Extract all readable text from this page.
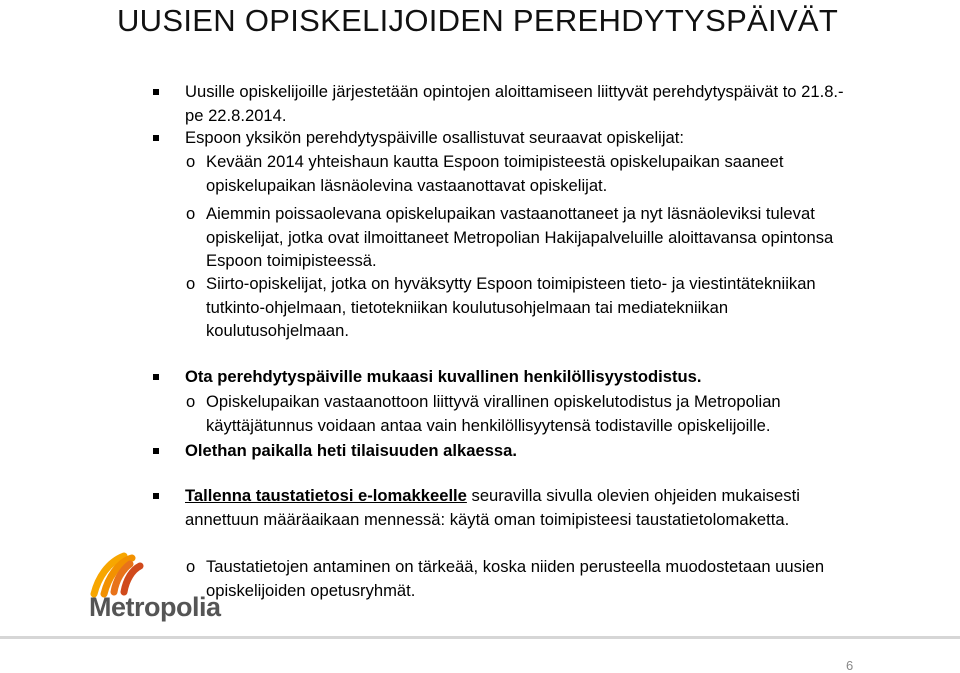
UUSIEN OPISKELIJOIDEN PEREHDYTYSPÄIVÄT
Uusille opiskelijoille järjestetään opintojen aloittamiseen liittyvät perehdytyspäivät to 21.8.- pe 22.8.2014.
Espoon yksikön perehdytyspäiville osallistuvat seuraavat opiskelijat:
o Kevään 2014 yhteishaun kautta Espoon toimipisteestä opiskelupaikan saaneet opiskelupaikan läsnäolevina vastaanottavat opiskelijat.
o Aiemmin poissaolevana opiskelupaikan vastaanottaneet ja nyt läsnäoleviksi tulevat opiskelijat, jotka ovat ilmoittaneet Metropolian Hakijapalveluille aloittavansa opintonsa Espoon toimipisteessä.
o Siirto-opiskelijat, jotka on hyväksytty Espoon toimipisteen tieto- ja viestintätekniikan tutkinto-ohjelmaan, tietotekniikan koulutusohjelmaan tai mediatekniikan koulutusohjelmaan.
Ota perehdytyspäiville mukaasi kuvallinen henkilöllisyystodistus.
o Opiskelupaikan vastaanottoon liittyvä virallinen opiskelutodistus ja Metropolian käyttäjätunnus voidaan antaa vain henkilöllisyytensä todistaville opiskelijoille.
Olethan paikalla heti tilaisuuden alkaessa.
Tallenna taustatietosi e-lomakkeelle seuravilla sivulla olevien ohjeiden mukaisesti annettuun määräaikaan mennessä: käytä oman toimipisteesi taustatietolomaketta.
o Taustatietojen antaminen on tärkeää, koska niiden perusteella muodostetaan uusien opiskelijoiden opetusryhmät.
Metropolia
6
